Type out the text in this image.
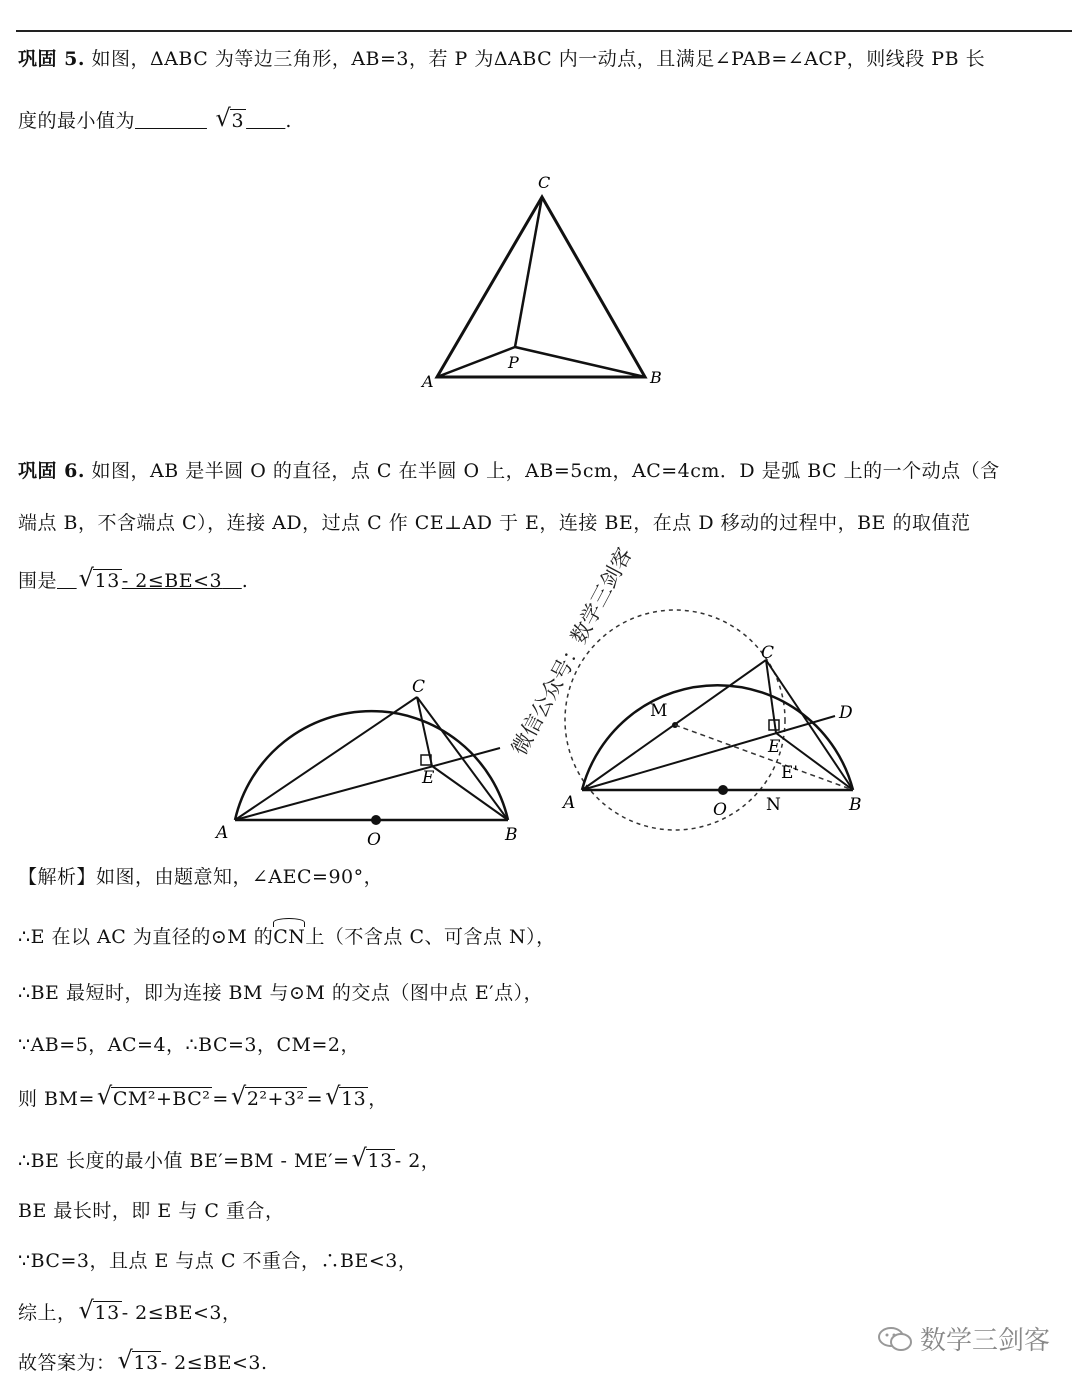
巩固 5. 如图，ΔABC 为等边三角形，AB=3，若 P 为ΔABC 内一动点，且满足∠PAB=∠ACP，则线段 PB 长
度的最小值为	√ 3 .
C
A	B
P
巩固 6. 如图，AB 是半圆 O 的直径，点 C 在半圆 O 上，AB=5cm，AC=4cm．D 是弧 BC 上的一个动点（含
端点 B，不含端点 C），连接 AD，过点 C 作 CE⊥AD 于 E，连接 BE，在点 D 移动的过程中，BE 的取值范
围是 √ 13 - 2≤BE<3 .
C
A	B
O
E
微信公众号：数学三剑客	C
D
M
E
E'
A	O N	B
【解析】如图，由题意知，∠AEC=90°，
∴E 在以 AC 为直径的⊙M 的
CN上（不含点 C、可含点 N），
∴BE 最短时，即为连接 BM 与⊙M 的交点（图中点 E′点），
∵AB=5，AC=4，∴BC=3，CM=2，
则 BM= √ CM²+BC² = √ 2²+3² = √ 13 ，
∴BE 长度的最小值 BE′=BM - ME′= √ 13 - 2，
BE 最长时，即 E 与 C 重合，
∵BC=3，且点 E 与点 C 不重合，∴BE<3，
综上， √ 13 - 2≤BE<3，
故答案为： √ 13 - 2≤BE<3.
数学三剑客
